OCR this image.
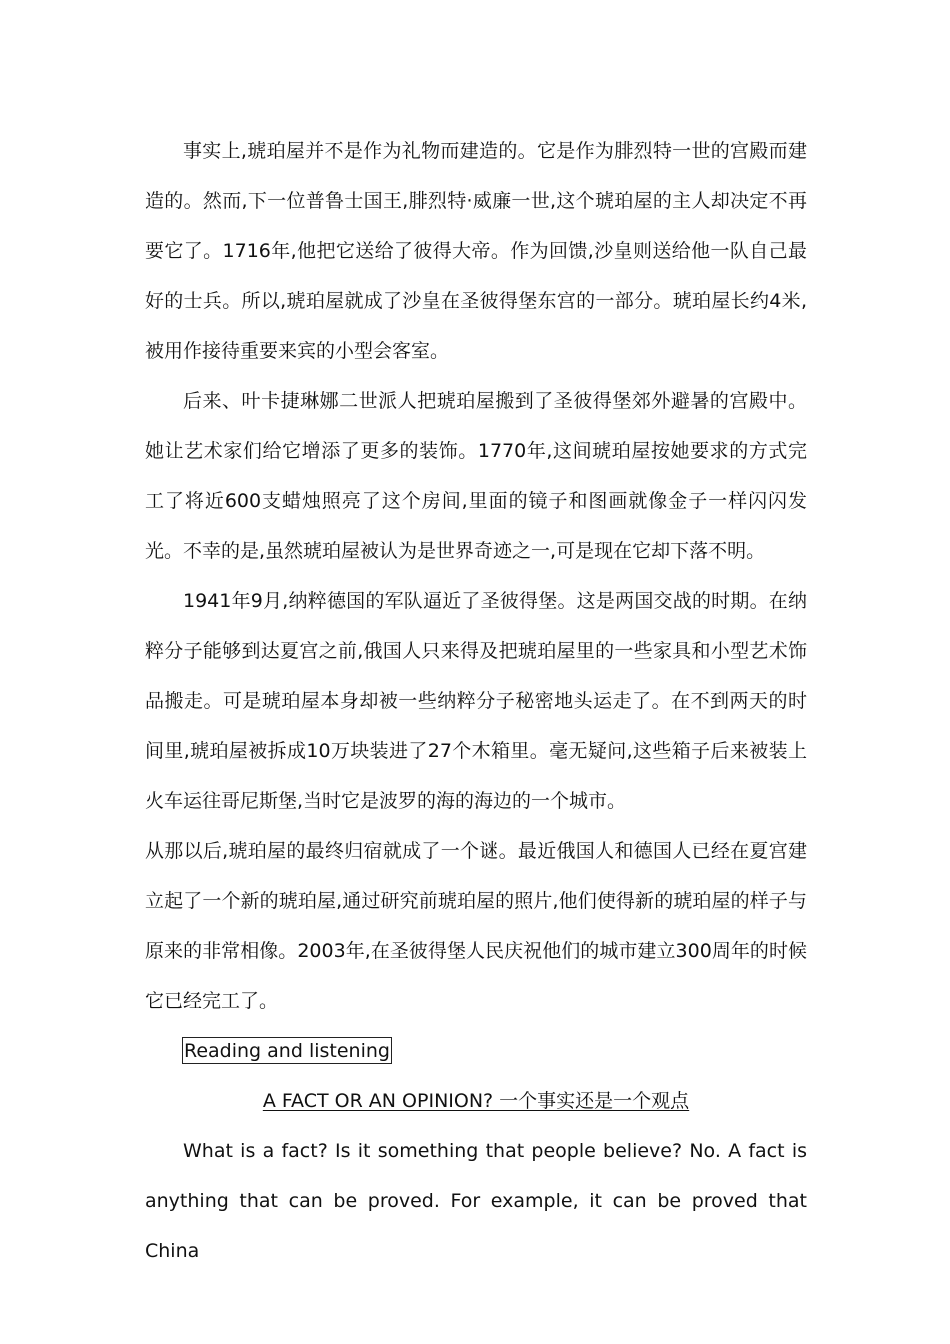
事实上,琥珀屋并不是作为礼物而建造的。它是作为腓烈特一世的宫殿而建造的。然而,下一位普鲁士国王,腓烈特·威廉一世,这个琥珀屋的主人却决定不再要它了。1716年,他把它送给了彼得大帝。作为回馈,沙皇则送给他一队自己最好的士兵。所以,琥珀屋就成了沙皇在圣彼得堡东宫的一部分。琥珀屋长约4米,被用作接待重要来宾的小型会客室。

后来、叶卡捷琳娜二世派人把琥珀屋搬到了圣彼得堡郊外避暑的宫殿中。她让艺术家们给它增添了更多的装饰。1770年,这间琥珀屋按她要求的方式完工了将近600支蜡烛照亮了这个房间,里面的镜子和图画就像金子一样闪闪发光。不幸的是,虽然琥珀屋被认为是世界奇迹之一,可是现在它却下落不明。

1941年9月,纳粹德国的军队逼近了圣彼得堡。这是两国交战的时期。在纳粹分子能够到达夏宫之前,俄国人只来得及把琥珀屋里的一些家具和小型艺术饰品搬走。可是琥珀屋本身却被一些纳粹分子秘密地头运走了。在不到两天的时间里,琥珀屋被拆成10万块装进了27个木箱里。毫无疑问,这些箱子后来被装上火车运往哥尼斯堡,当时它是波罗的海的海边的一个城市。

从那以后,琥珀屋的最终归宿就成了一个谜。最近俄国人和德国人已经在夏宫建立起了一个新的琥珀屋,通过研究前琥珀屋的照片,他们使得新的琥珀屋的样子与原来的非常相像。2003年,在圣彼得堡人民庆祝他们的城市建立300周年的时候它已经完工了。

Reading and listening
A FACT OR AN OPINION? 一个事实还是一个观点

What is a fact? Is it something that people believe? No. A fact is anything that can be proved. For example, it can be proved that China
